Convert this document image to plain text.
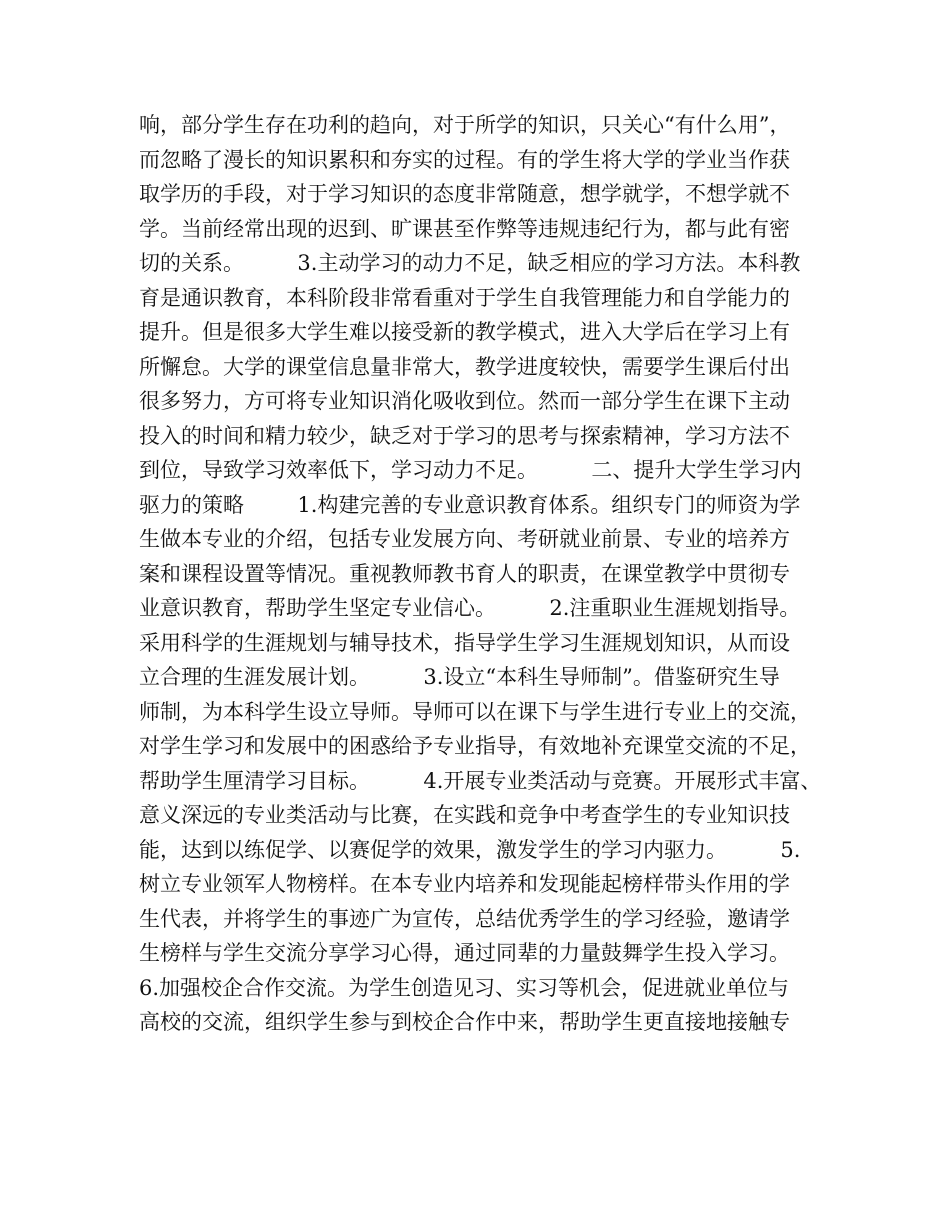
响，部分学生存在功利的趋向，对于所学的知识，只关心“有什么用”，
而忽略了漫长的知识累积和夯实的过程。有的学生将大学的学业当作获
取学历的手段，对于学习知识的态度非常随意，想学就学，不想学就不
学。当前经常出现的迟到、旷课甚至作弊等违规违纪行为，都与此有密
切的关系。        3.主动学习的动力不足，缺乏相应的学习方法。本科教
育是通识教育，本科阶段非常看重对于学生自我管理能力和自学能力的
提升。但是很多大学生难以接受新的教学模式，进入大学后在学习上有
所懈怠。大学的课堂信息量非常大，教学进度较快，需要学生课后付出
很多努力，方可将专业知识消化吸收到位。然而一部分学生在课下主动
投入的时间和精力较少，缺乏对于学习的思考与探索精神，学习方法不
到位，导致学习效率低下，学习动力不足。        二、提升大学生学习内
驱力的策略        1.构建完善的专业意识教育体系。组织专门的师资为学
生做本专业的介绍，包括专业发展方向、考研就业前景、专业的培养方
案和课程设置等情况。重视教师教书育人的职责，在课堂教学中贯彻专
业意识教育，帮助学生坚定专业信心。        2.注重职业生涯规划指导。
采用科学的生涯规划与辅导技术，指导学生学习生涯规划知识，从而设
立合理的生涯发展计划。        3.设立“本科生导师制”。借鉴研究生导
师制，为本科学生设立导师。导师可以在课下与学生进行专业上的交流，
对学生学习和发展中的困惑给予专业指导，有效地补充课堂交流的不足，
帮助学生厘清学习目标。        4.开展专业类活动与竞赛。开展形式丰富、
意义深远的专业类活动与比赛，在实践和竞争中考查学生的专业知识技
能，达到以练促学、以赛促学的效果，激发学生的学习内驱力。        5.
树立专业领军人物榜样。在本专业内培养和发现能起榜样带头作用的学
生代表，并将学生的事迹广为宣传，总结优秀学生的学习经验，邀请学
生榜样与学生交流分享学习心得，通过同辈的力量鼓舞学生投入学习。
6.加强校企合作交流。为学生创造见习、实习等机会，促进就业单位与
高校的交流，组织学生参与到校企合作中来，帮助学生更直接地接触专
